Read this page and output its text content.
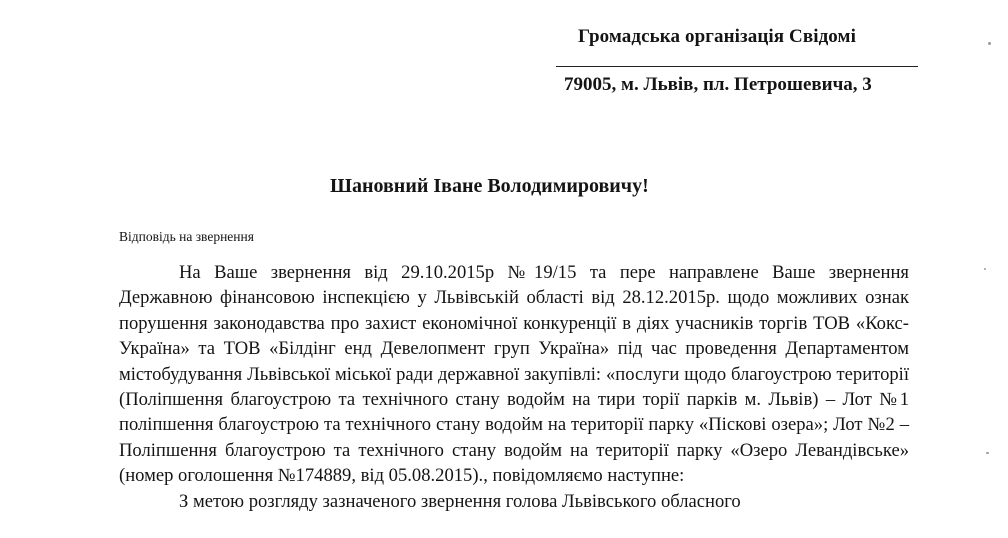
Громадська організація Свідомі
79005, м. Львів, пл. Петрошевича, 3
Шановний Іване Володимировичу!
Відповідь на звернення

На Ваше звернення від 29.10.2015р №19/15 та пере направлене Ваше звернення Державною фінансовою інспекцією у Львівській області від 28.12.2015р. щодо можливих ознак порушення законодавства про захист економічної конкуренції в діях учасників торгів ТОВ «Кокс-Україна» та ТОВ «Білдінг енд Девелопмент груп Україна» під час проведення Департаментом містобудування Львівської міської ради державної закупівлі: «послуги щодо благоустрою території (Поліпшення благоустрою та технічного стану водойм на тири торії парків м. Львів) – Лот №1 поліпшення благоустрою та технічного стану водойм на території парку «Піскові озера»; Лот №2 – Поліпшення благоустрою та технічного стану водойм на території парку «Озеро Левандівське» (номер оголошення №174889, від 05.08.2015)., повідомляємо наступне:

З метою розгляду зазначеного звернення голова Львівського обласного
